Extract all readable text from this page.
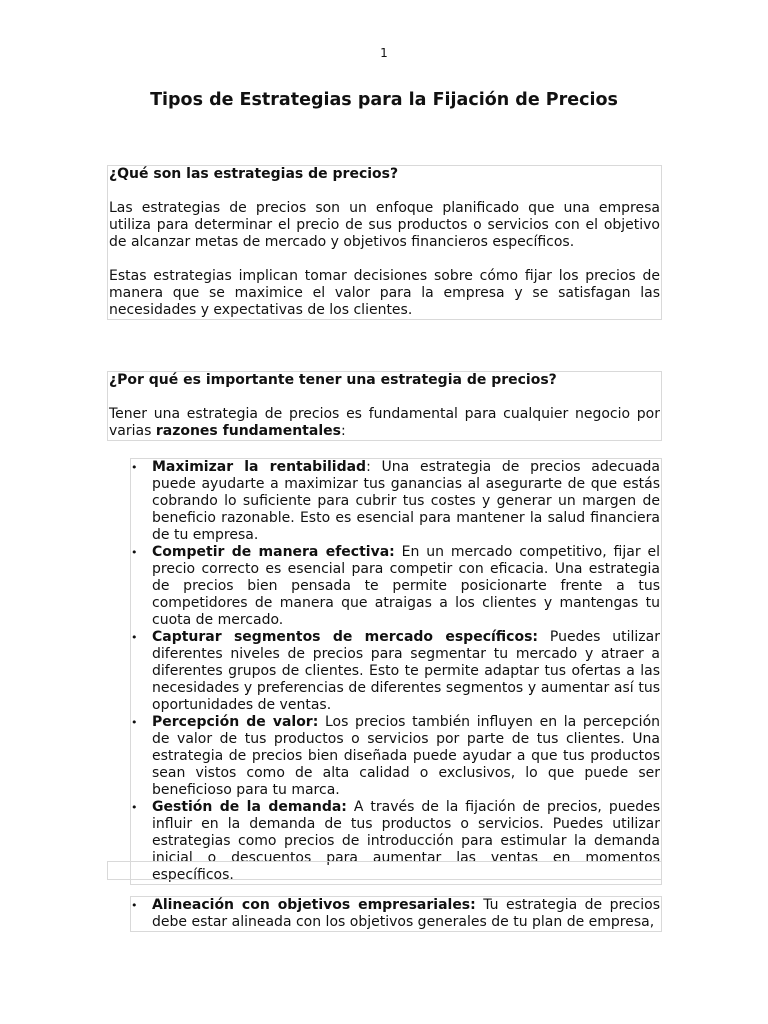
1
Tipos de Estrategias para la Fijación de Precios

¿Qué son las estrategias de precios?

Las estrategias de precios son un enfoque planificado que una empresa utiliza para determinar el precio de sus productos o servicios con el objetivo de alcanzar metas de mercado y objetivos financieros específicos.

Estas estrategias implican tomar decisiones sobre cómo fijar los precios de manera que se maximice el valor para la empresa y se satisfagan las necesidades y expectativas de los clientes.

¿Por qué es importante tener una estrategia de precios?

Tener una estrategia de precios es fundamental para cualquier negocio por varias razones fundamentales:

• Maximizar la rentabilidad: Una estrategia de precios adecuada puede ayudarte a maximizar tus ganancias al asegurarte de que estás cobrando lo suficiente para cubrir tus costes y generar un margen de beneficio razonable. Esto es esencial para mantener la salud financiera de tu empresa.
• Competir de manera efectiva: En un mercado competitivo, fijar el precio correcto es esencial para competir con eficacia. Una estrategia de precios bien pensada te permite posicionarte frente a tus competidores de manera que atraigas a los clientes y mantengas tu cuota de mercado.
• Capturar segmentos de mercado específicos: Puedes utilizar diferentes niveles de precios para segmentar tu mercado y atraer a diferentes grupos de clientes. Esto te permite adaptar tus ofertas a las necesidades y preferencias de diferentes segmentos y aumentar así tus oportunidades de ventas.
• Percepción de valor: Los precios también influyen en la percepción de valor de tus productos o servicios por parte de tus clientes. Una estrategia de precios bien diseñada puede ayudar a que tus productos sean vistos como de alta calidad o exclusivos, lo que puede ser beneficioso para tu marca.
• Gestión de la demanda: A través de la fijación de precios, puedes influir en la demanda de tus productos o servicios. Puedes utilizar estrategias como precios de introducción para estimular la demanda inicial o descuentos para aumentar las ventas en momentos específicos.
• Alineación con objetivos empresariales: Tu estrategia de precios debe estar alineada con los objetivos generales de tu plan de empresa,
